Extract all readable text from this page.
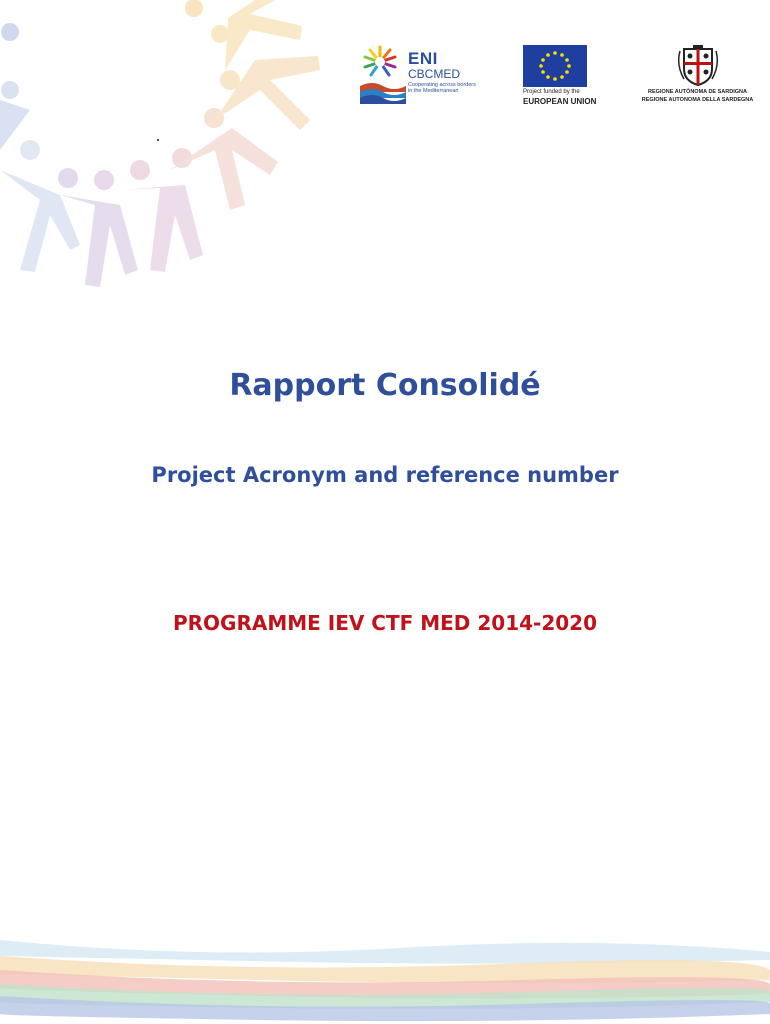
ENI
CBCMED
Cooperating across borders in the Mediterranean	Project funded by the
EUROPEAN UNION
REGIONE AUTÒNOMA DE SARDIGNA
REGIONE AUTONOMA DELLA SARDEGNA
Rapport Consolidé
Project Acronym and reference number
PROGRAMME IEV CTF MED 2014-2020
